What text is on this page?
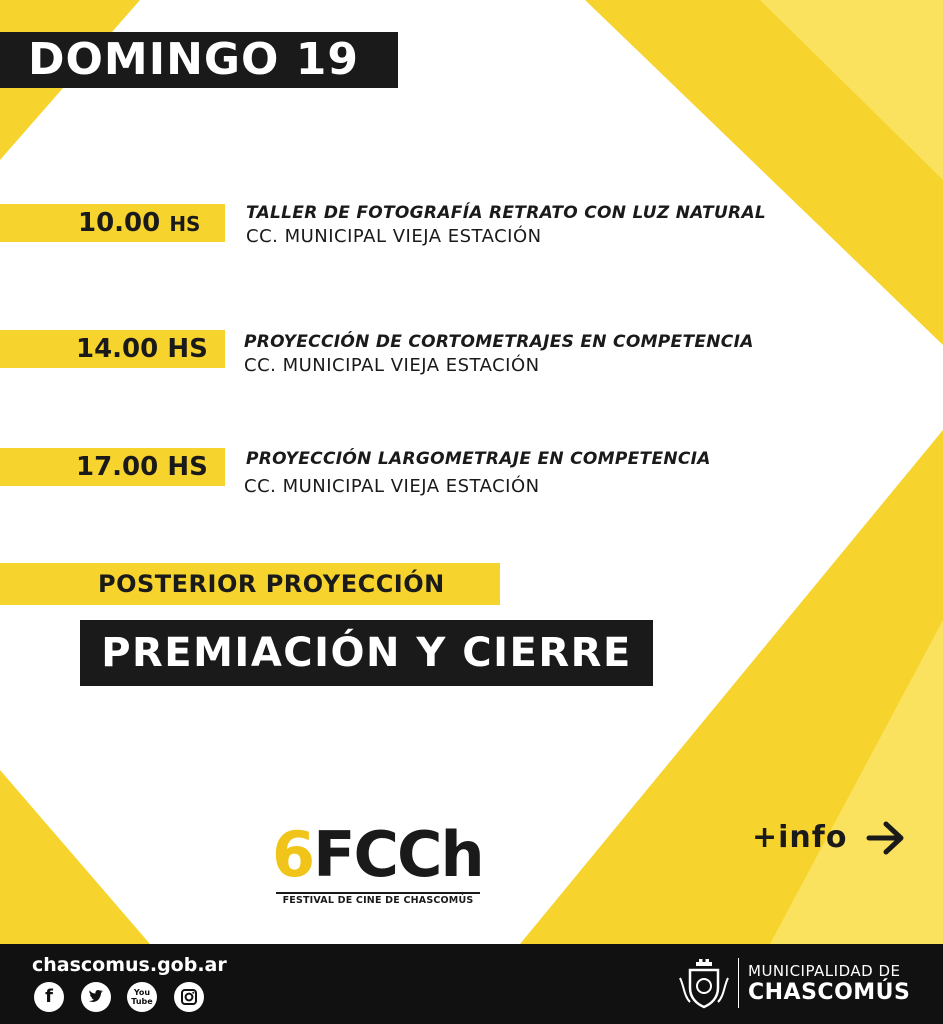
DOMINGO 19
10.00 HS	TALLER DE FOTOGRAFÍA RETRATO CON LUZ NATURAL
CC. MUNICIPAL VIEJA ESTACIÓN
14.00 HS PROYECCIÓN DE CORTOMETRAJES EN COMPETENCIA
CC. MUNICIPAL VIEJA ESTACIÓN
17.00 HS PROYECCIÓN LARGOMETRAJE EN COMPETENCIA
CC. MUNICIPAL VIEJA ESTACIÓN
POSTERIOR PROYECCIÓN
PREMIACIÓN Y CIERRE
6FCCh
FESTIVAL DE CINE DE CHASCOMÚS
+info
chascomus.gob.ar
f	You Tube
MUNICIPALIDAD DE
CHASCOMÚS
